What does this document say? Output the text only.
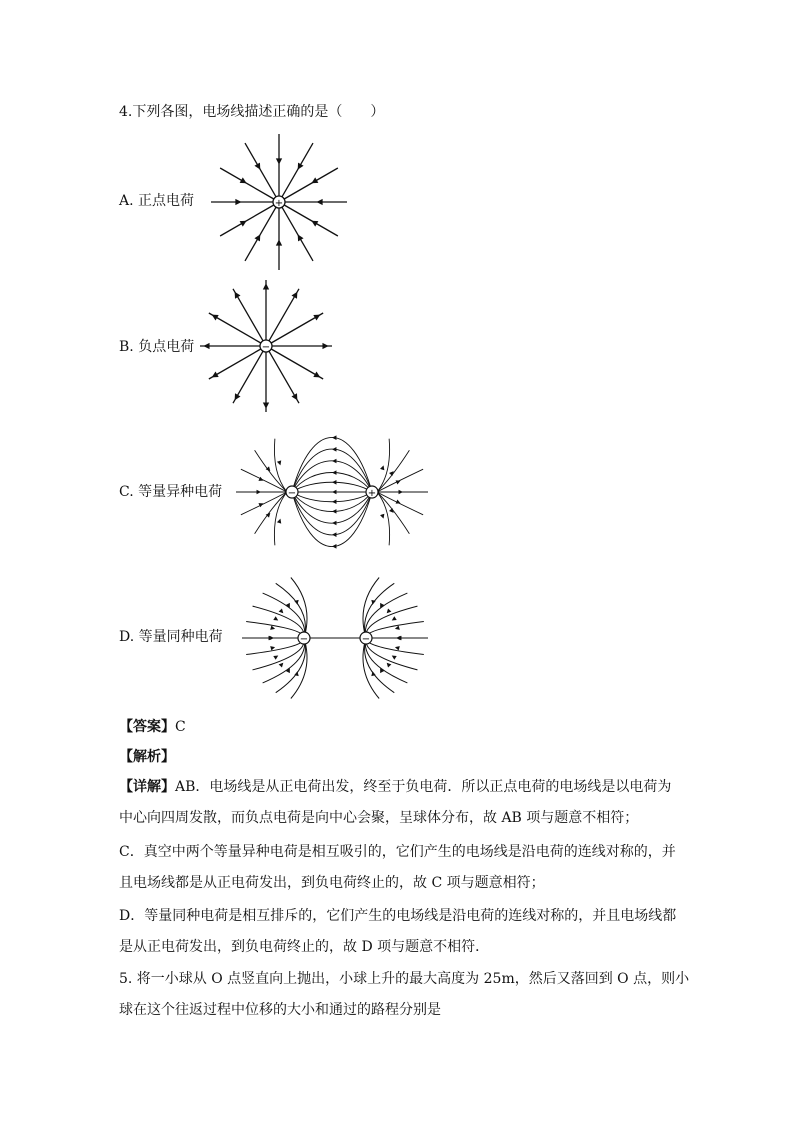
4.下列各图，电场线描述正确的是（　　）
A. 正点电荷	+
B. 负点电荷	−
C. 等量异种电荷	−	+
D. 等量同种电荷	−	−
【答案】C
【解析】
【详解】AB．电场线是从正电荷出发，终至于负电荷．所以正点电荷的电场线是以电荷为
中心向四周发散，而负点电荷是向中心会聚，呈球体分布，故 AB 项与题意不相符；
C．真空中两个等量异种电荷是相互吸引的，它们产生的电场线是沿电荷的连线对称的，并
且电场线都是从正电荷发出，到负电荷终止的，故 C 项与题意相符；
D．等量同种电荷是相互排斥的，它们产生的电场线是沿电荷的连线对称的，并且电场线都
是从正电荷发出，到负电荷终止的，故 D 项与题意不相符．
5. 将一小球从 O 点竖直向上抛出，小球上升的最大高度为 25m，然后又落回到 O 点，则小
球在这个往返过程中位移的大小和通过的路程分别是
